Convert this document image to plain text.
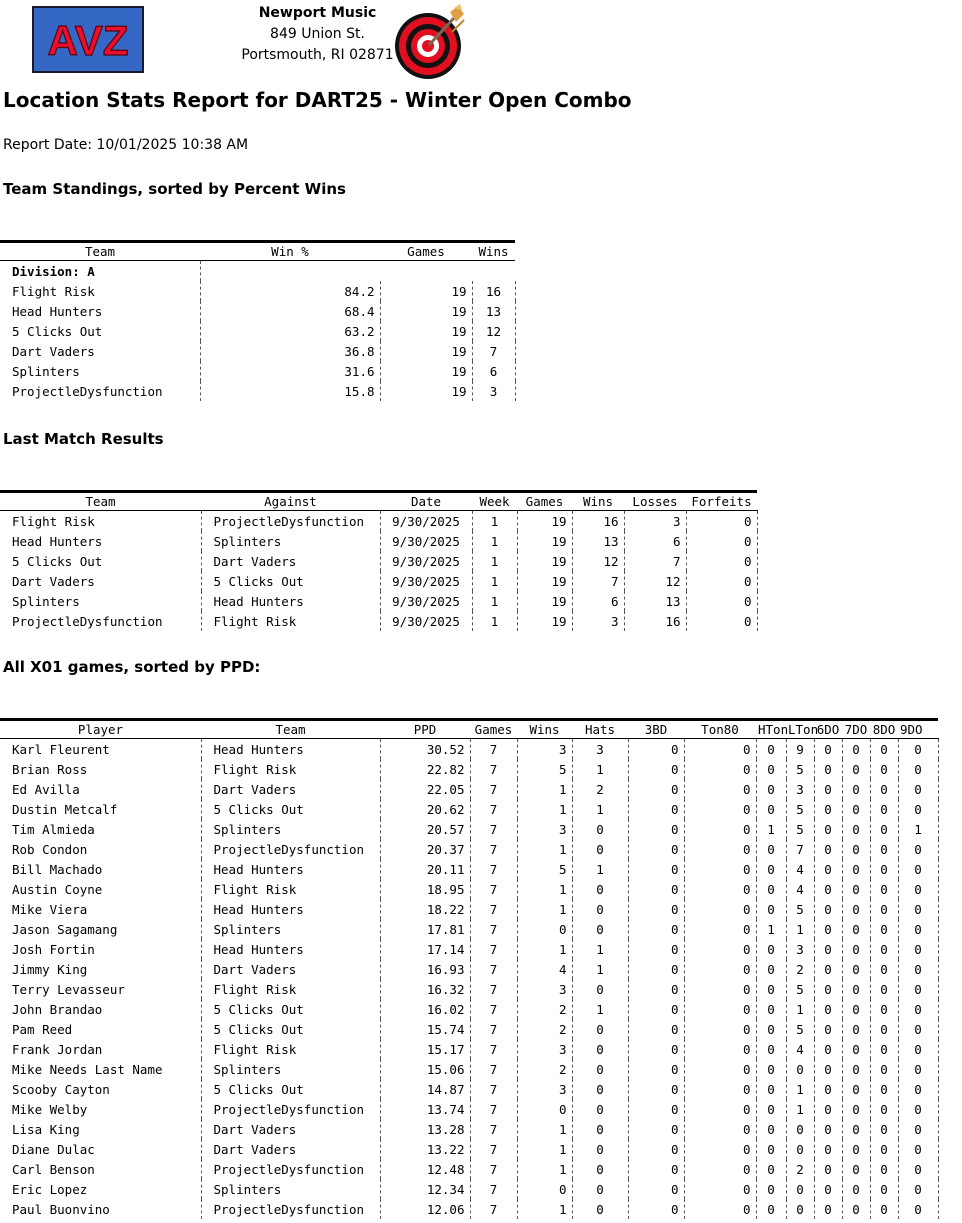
AVZ
Newport Music
849 Union St.
Portsmouth, RI 02871
Location Stats Report for DART25 - Winter Open Combo
Report Date: 10/01/2025 10:38 AM
Team Standings, sorted by Percent Wins
Team	Win %	Games	Wins
Division: A			
Flight Risk	84.2	19	16
Head Hunters	68.4	19	13
5 Clicks Out	63.2	19	12
Dart Vaders	36.8	19	7
Splinters	31.6	19	6
ProjectleDysfunction	15.8	19	3
Last Match Results
Team	Against	Date	Week	Games	Wins	Losses	Forfeits
Flight Risk	ProjectleDysfunction	9/30/2025	1	19	16	3	0
Head Hunters	Splinters	9/30/2025	1	19	13	6	0
5 Clicks Out	Dart Vaders	9/30/2025	1	19	12	7	0
Dart Vaders	5 Clicks Out	9/30/2025	1	19	7	12	0
Splinters	Head Hunters	9/30/2025	1	19	6	13	0
ProjectleDysfunction	Flight Risk	9/30/2025	1	19	3	16	0
All X01 games, sorted by PPD:
Player	Team	PPD	Games	Wins	Hats	3BD	Ton80	HTon	LTon	6DO	7DO	8DO	9DO
Karl Fleurent	Head Hunters	30.52	7	3	3	0	0	0	9	0	0	0	0
Brian Ross	Flight Risk	22.82	7	5	1	0	0	0	5	0	0	0	0
Ed Avilla	Dart Vaders	22.05	7	1	2	0	0	0	3	0	0	0	0
Dustin Metcalf	5 Clicks Out	20.62	7	1	1	0	0	0	5	0	0	0	0
Tim Almieda	Splinters	20.57	7	3	0	0	0	1	5	0	0	0	1
Rob Condon	ProjectleDysfunction	20.37	7	1	0	0	0	0	7	0	0	0	0
Bill Machado	Head Hunters	20.11	7	5	1	0	0	0	4	0	0	0	0
Austin Coyne	Flight Risk	18.95	7	1	0	0	0	0	4	0	0	0	0
Mike Viera	Head Hunters	18.22	7	1	0	0	0	0	5	0	0	0	0
Jason Sagamang	Splinters	17.81	7	0	0	0	0	1	1	0	0	0	0
Josh Fortin	Head Hunters	17.14	7	1	1	0	0	0	3	0	0	0	0
Jimmy King	Dart Vaders	16.93	7	4	1	0	0	0	2	0	0	0	0
Terry Levasseur	Flight Risk	16.32	7	3	0	0	0	0	5	0	0	0	0
John Brandao	5 Clicks Out	16.02	7	2	1	0	0	0	1	0	0	0	0
Pam Reed	5 Clicks Out	15.74	7	2	0	0	0	0	5	0	0	0	0
Frank Jordan	Flight Risk	15.17	7	3	0	0	0	0	4	0	0	0	0
Mike Needs Last Name	Splinters	15.06	7	2	0	0	0	0	0	0	0	0	0
Scooby Cayton	5 Clicks Out	14.87	7	3	0	0	0	0	1	0	0	0	0
Mike Welby	ProjectleDysfunction	13.74	7	0	0	0	0	0	1	0	0	0	0
Lisa King	Dart Vaders	13.28	7	1	0	0	0	0	0	0	0	0	0
Diane Dulac	Dart Vaders	13.22	7	1	0	0	0	0	0	0	0	0	0
Carl Benson	ProjectleDysfunction	12.48	7	1	0	0	0	0	2	0	0	0	0
Eric Lopez	Splinters	12.34	7	0	0	0	0	0	0	0	0	0	0
Paul Buonvino	ProjectleDysfunction	12.06	7	1	0	0	0	0	0	0	0	0	0
